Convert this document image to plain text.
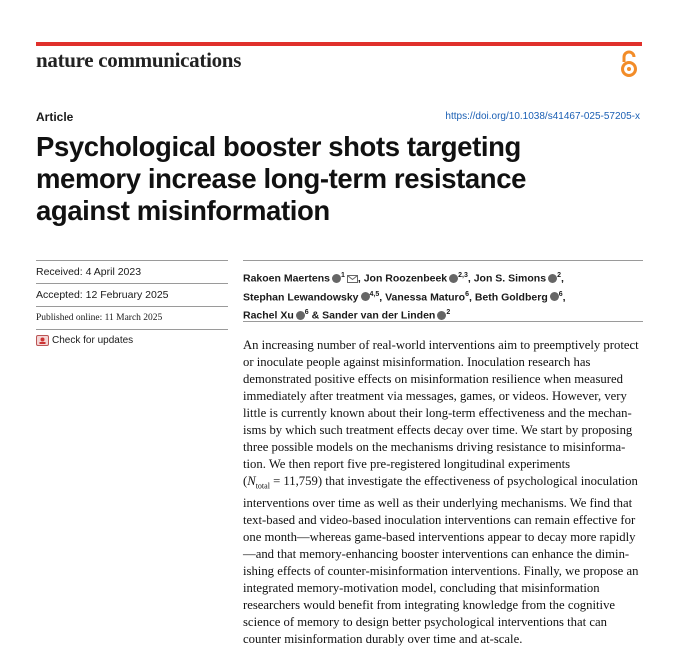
nature communications
Article	https://doi.org/10.1038/s41467-025-57205-x
Psychological booster shots targeting
memory increase long-term resistance
against misinformation
Received: 4 April 2023
Accepted: 12 February 2025
Published online: 11 March 2025
Check for updates
Rakoen Maertens $^1$ , Jon Roozenbeek $^{2,3}$, Jon S. Simons $^2$,
Stephan Lewandowsky $^{4,5}$, Vanessa Maturo$^6$, Beth Goldberg $^6$,
Rachel Xu $^6$ & Sander van der Linden $^2$
An increasing number of real-world interventions aim to preemptively protect
or inoculate people against misinformation. Inoculation research has
demonstrated positive effects on misinformation resilience when measured
immediately after treatment via messages, games, or videos. However, very
little is currently known about their long-term effectiveness and the mechan-
isms by which such treatment effects decay over time. We start by proposing
three possible models on the mechanisms driving resistance to misinforma-
tion. We then report five pre-registered longitudinal experiments
$(N_{total} = 11,759)$ that investigate the effectiveness of psychological inoculation
interventions over time as well as their underlying mechanisms. We find that
text-based and video-based inoculation interventions can remain effective for
one month—whereas game-based interventions appear to decay more rapidly
—and that memory-enhancing booster interventions can enhance the dimin-
ishing effects of counter-misinformation interventions. Finally, we propose an
integrated memory-motivation model, concluding that misinformation
researchers would benefit from integrating knowledge from the cognitive
science of memory to design better psychological interventions that can
counter misinformation durably over time and at-scale.
